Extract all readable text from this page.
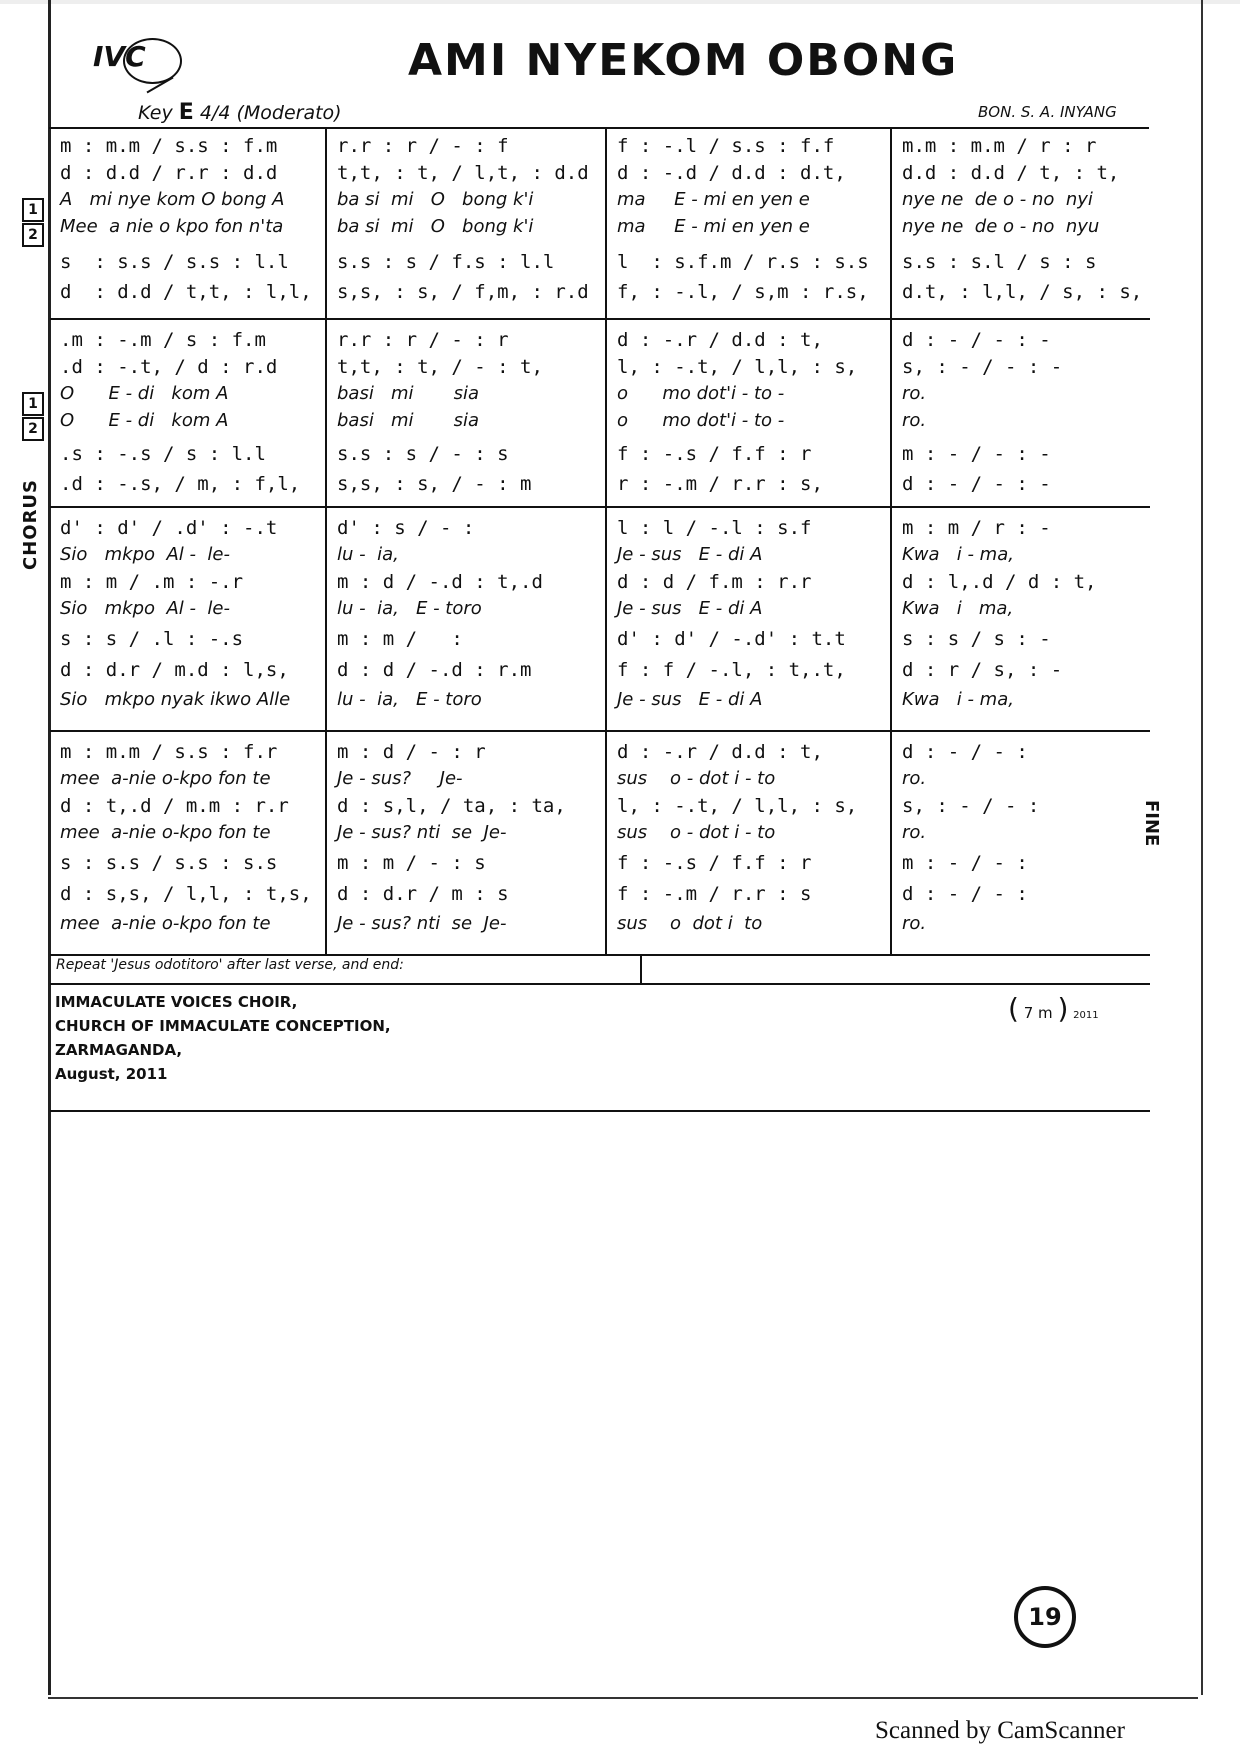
IVC	AMI NYEKOM OBONG
Key E 4/4 (Moderato)	BON. S. A. INYANG
m : m.m / s.s : f.m
d : d.d / r.r : d.d
A   mi nye kom O bong A
Mee  a nie o kpo fon n'ta
s  : s.s / s.s : l.l
d  : d.d / t,t, : l,l,
r.r : r / - : f
t,t, : t, / l,t, : d.d
ba si  mi   O   bong k'i
ba si  mi   O   bong k'i
s.s : s / f.s : l.l
s,s, : s, / f,m, : r.d
f : -.l / s.s : f.f
d : -.d / d.d : d.t,
ma     E - mi en yen e
ma     E - mi en yen e
l  : s.f.m / r.s : s.s
f, : -.l, / s,m : r.s,
m.m : m.m / r : r
d.d : d.d / t, : t,
nye ne  de o - no  nyi
nye ne  de o - no  nyu
s.s : s.l / s : s
d.t, : l,l, / s, : s,
1
2
.m : -.m / s : f.m
.d : -.t, / d : r.d
O      E - di   kom A
O      E - di   kom A
.s : -.s / s : l.l
.d : -.s, / m, : f,l,
r.r : r / - : r
t,t, : t, / - : t,
basi   mi       sia
basi   mi       sia
s.s : s / - : s
s,s, : s, / - : m
d : -.r / d.d : t,
l, : -.t, / l,l, : s,
o      mo dot'i - to -
o      mo dot'i - to -
f : -.s / f.f : r
r : -.m / r.r : s,
d : - / - : -
s, : - / - : -
ro.
ro.
m : - / - : -
d : - / - : -
1
2
d' : d' / .d' : -.t
Sio   mkpo  Al -  le-
m : m / .m : -.r
Sio   mkpo  Al -  le-
s : s / .l : -.s
d : d.r / m.d : l,s,
Sio   mkpo nyak ikwo Alle
d' : s / - :
lu -  ia,
m : d / -.d : t,.d
lu -  ia,   E - toro
m : m /   :
d : d / -.d : r.m
lu -  ia,   E - toro
l : l / -.l : s.f
Je - sus   E - di A
d : d / f.m : r.r
Je - sus   E - di A
d' : d' / -.d' : t.t
f : f / -.l, : t,.t,
Je - sus   E - di A
m : m / r : -
Kwa   i - ma,
d : l,.d / d : t,
Kwa   i   ma,
s : s / s : -
d : r / s, : -
Kwa   i - ma,
CHORUS
m : m.m / s.s : f.r
mee  a-nie o-kpo fon te
d : t,.d / m.m : r.r
mee  a-nie o-kpo fon te
s : s.s / s.s : s.s
d : s,s, / l,l, : t,s,
mee  a-nie o-kpo fon te
m : d / - : r
Je - sus?     Je-
d : s,l, / ta, : ta,
Je - sus? nti  se  Je-
m : m / - : s
d : d.r / m : s
Je - sus? nti  se  Je-
d : -.r / d.d : t,
sus    o - dot i - to
l, : -.t, / l,l, : s,
sus    o - dot i - to
f : -.s / f.f : r
f : -.m / r.r : s
sus    o  dot i  to
d : - / - :
ro.
s, : - / - :
ro.
m : - / - :
d : - / - :
ro.
FINE
Repeat 'Jesus odotitoro' after last verse, and end:
IMMACULATE VOICES CHOIR,
CHURCH OF IMMACULATE CONCEPTION,
ZARMAGANDA,
August, 2011
( 7 m ) 2011
19
Scanned by CamScanner
